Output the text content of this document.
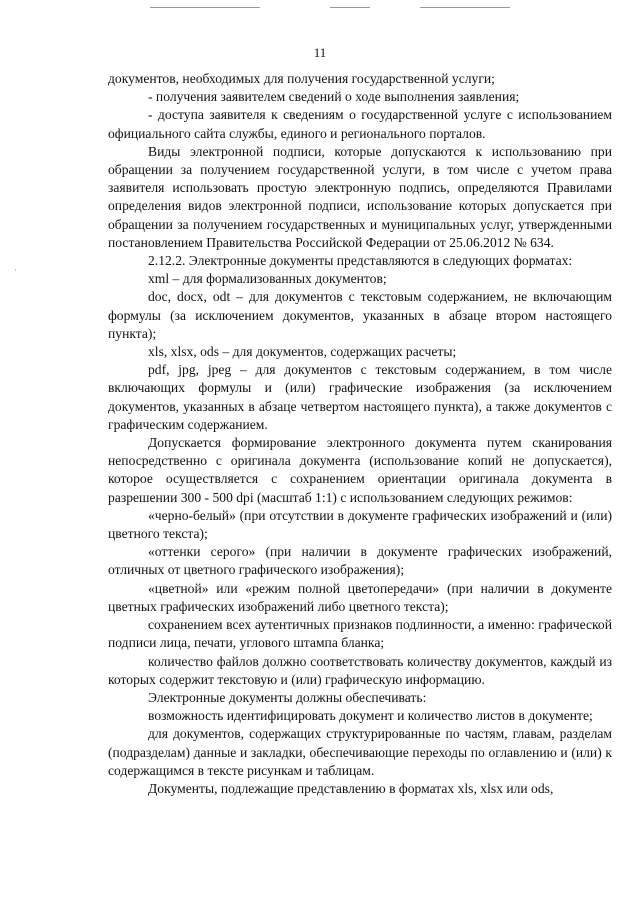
·
11

документов, необходимых для получения государственной услуги;

- получения заявителем сведений о ходе выполнения заявления;

- доступа заявителя к сведениям о государственной услуге с использованием официального сайта службы, единого и регионального порталов.

Виды электронной подписи, которые допускаются к использованию при обращении за получением государственной услуги, в том числе с учетом права заявителя использовать простую электронную подпись, определяются Правилами определения видов электронной подписи, использование которых допускается при обращении за получением государственных и муниципальных услуг, утвержденными постановлением Правительства Российской Федерации от 25.06.2012 № 634.

2.12.2. Электронные документы представляются в следующих форматах:

xml – для формализованных документов;

doc, docx, odt – для документов с текстовым содержанием, не включающим формулы (за исключением документов, указанных в абзаце втором настоящего пункта);

xls, xlsx, ods – для документов, содержащих расчеты;

pdf, jpg, jpeg – для документов с текстовым содержанием, в том числе включающих формулы и (или) графические изображения (за исключением документов, указанных в абзаце четвертом настоящего пункта), а также документов с графическим содержанием.

Допускается формирование электронного документа путем сканирования непосредственно с оригинала документа (использование копий не допускается), которое осуществляется с сохранением ориентации оригинала документа в разрешении 300 - 500 dpi (масштаб 1:1) с использованием следующих режимов:

«черно-белый» (при отсутствии в документе графических изображений и (или) цветного текста);

«оттенки серого» (при наличии в документе графических изображений, отличных от цветного графического изображения);

«цветной» или «режим полной цветопередачи» (при наличии в документе цветных графических изображений либо цветного текста);

сохранением всех аутентичных признаков подлинности, а именно: графической подписи лица, печати, углового штампа бланка;

количество файлов должно соответствовать количеству документов, каждый из которых содержит текстовую и (или) графическую информацию.

Электронные документы должны обеспечивать:

возможность идентифицировать документ и количество листов в документе;

для документов, содержащих структурированные по частям, главам, разделам (подразделам) данные и закладки, обеспечивающие переходы по оглавлению и (или) к содержащимся в тексте рисункам и таблицам.

Документы, подлежащие представлению в форматах xls, xlsx или ods,
